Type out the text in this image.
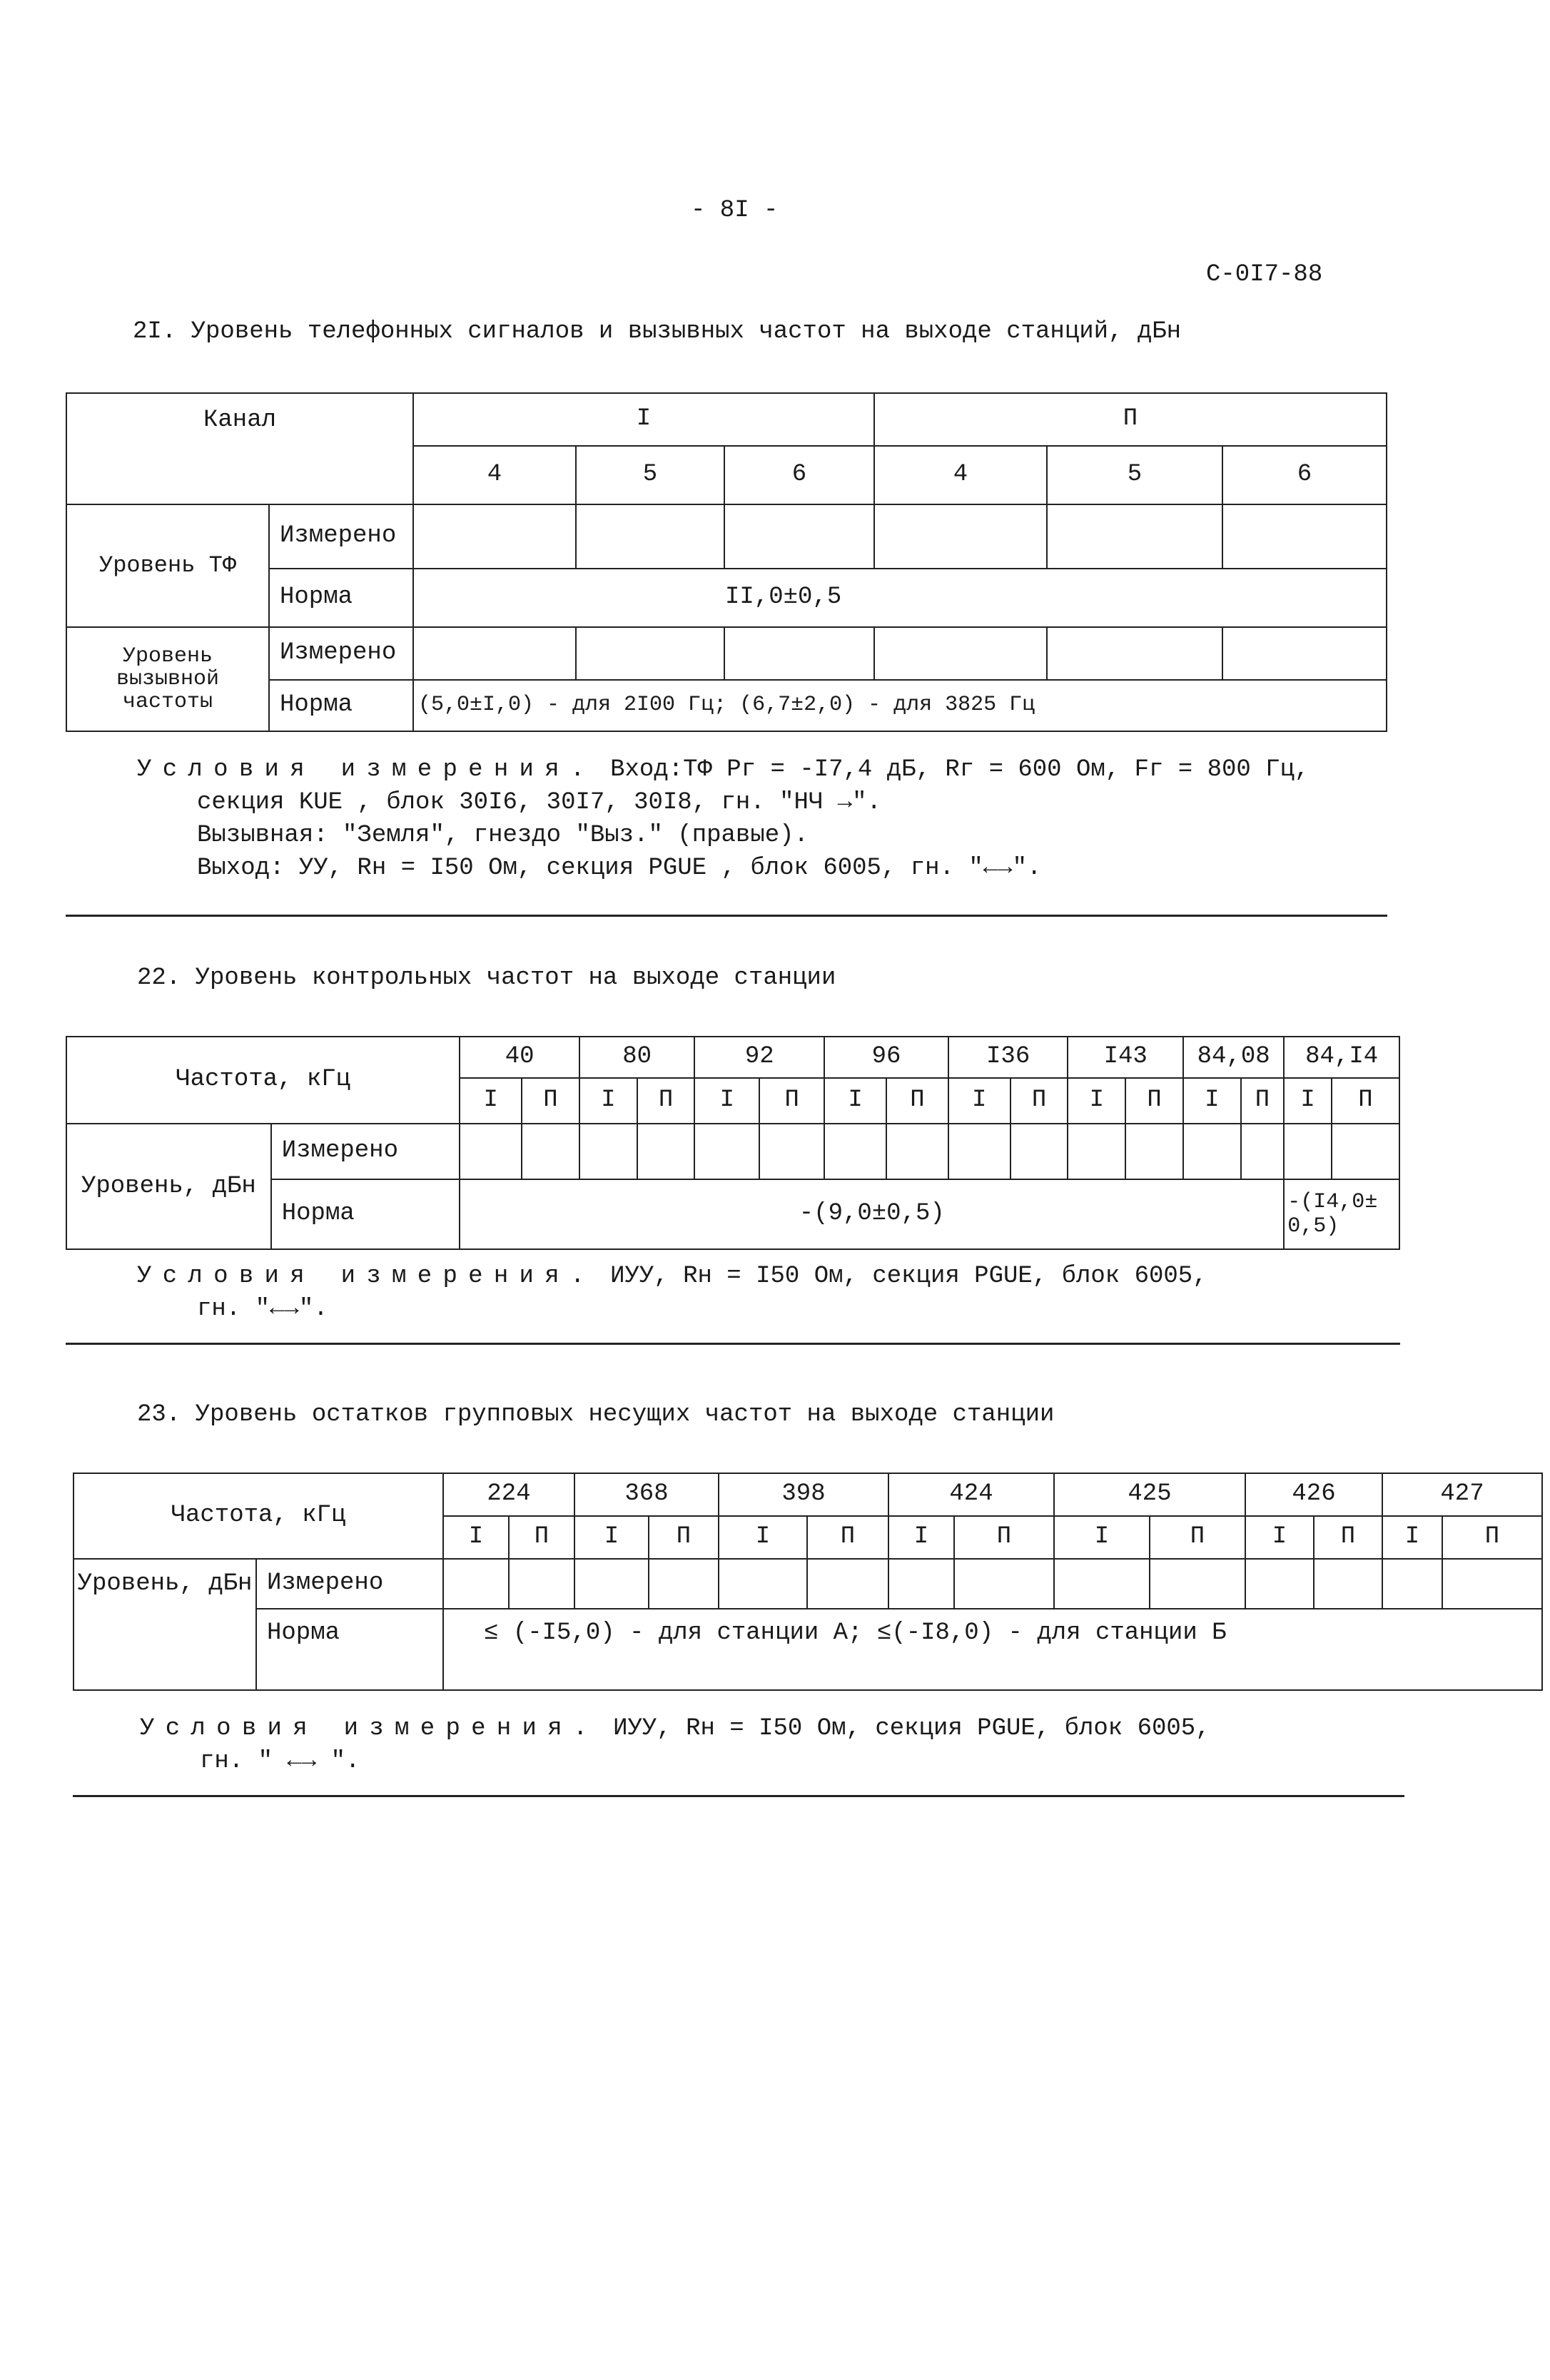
- 8I -
С-0I7-88
2I. Уровень телефонных сигналов и вызывных частот на выходе станций, дБн
Канал		I			П		
		4	5	6	4	5	6
Уровень ТФ	Измерено						
	Норма	II,0±0,5					
Уровень вызывной частоты	Измерено						
	Норма	(5,0±I,0) - для 2I00 Гц; (6,7±2,0) - для 3825 Гц					
Условия измерения. Вход:ТФ Pг = -I7,4 дБ, Rг = 600 Ом, Fг = 800 Гц,
секция KUE , блок 30I6, 30I7, 30I8, гн. "НЧ →".
Вызывная: "Земля", гнездо "Выз." (правые).
Выход: УУ, Rн = I50 Ом, секция PGUE , блок 6005, гн. "←→".
22. Уровень контрольных частот на выходе станции
Частота, кГц		40		80		92		96		I36		I43		84,08		84,I4	
		I	П	I	П	I	П	I	П	I	П	I	П	I	П	I	П
Уровень, дБн	Измерено																
	Норма	-(9,0±0,5)														-(I4,0± 0,5)	
Условия измерения. ИУУ, Rн = I50 Ом, секция PGUE, блок 6005,
гн. "←→".
23. Уровень остатков групповых несущих частот на выходе станции
Частота, кГц		224		368		398		424		425		426		427	
		I	П	I	П	I	П	I	П	I	П	I	П	I	П
Уровень, дБн	Измерено														
	Норма	≤ (-I5,0) - для станции А; ≤(-I8,0) - для станции Б													
Условия измерения. ИУУ, Rн = I50 Ом, секция PGUE, блок 6005,
гн. " ←→ ".
